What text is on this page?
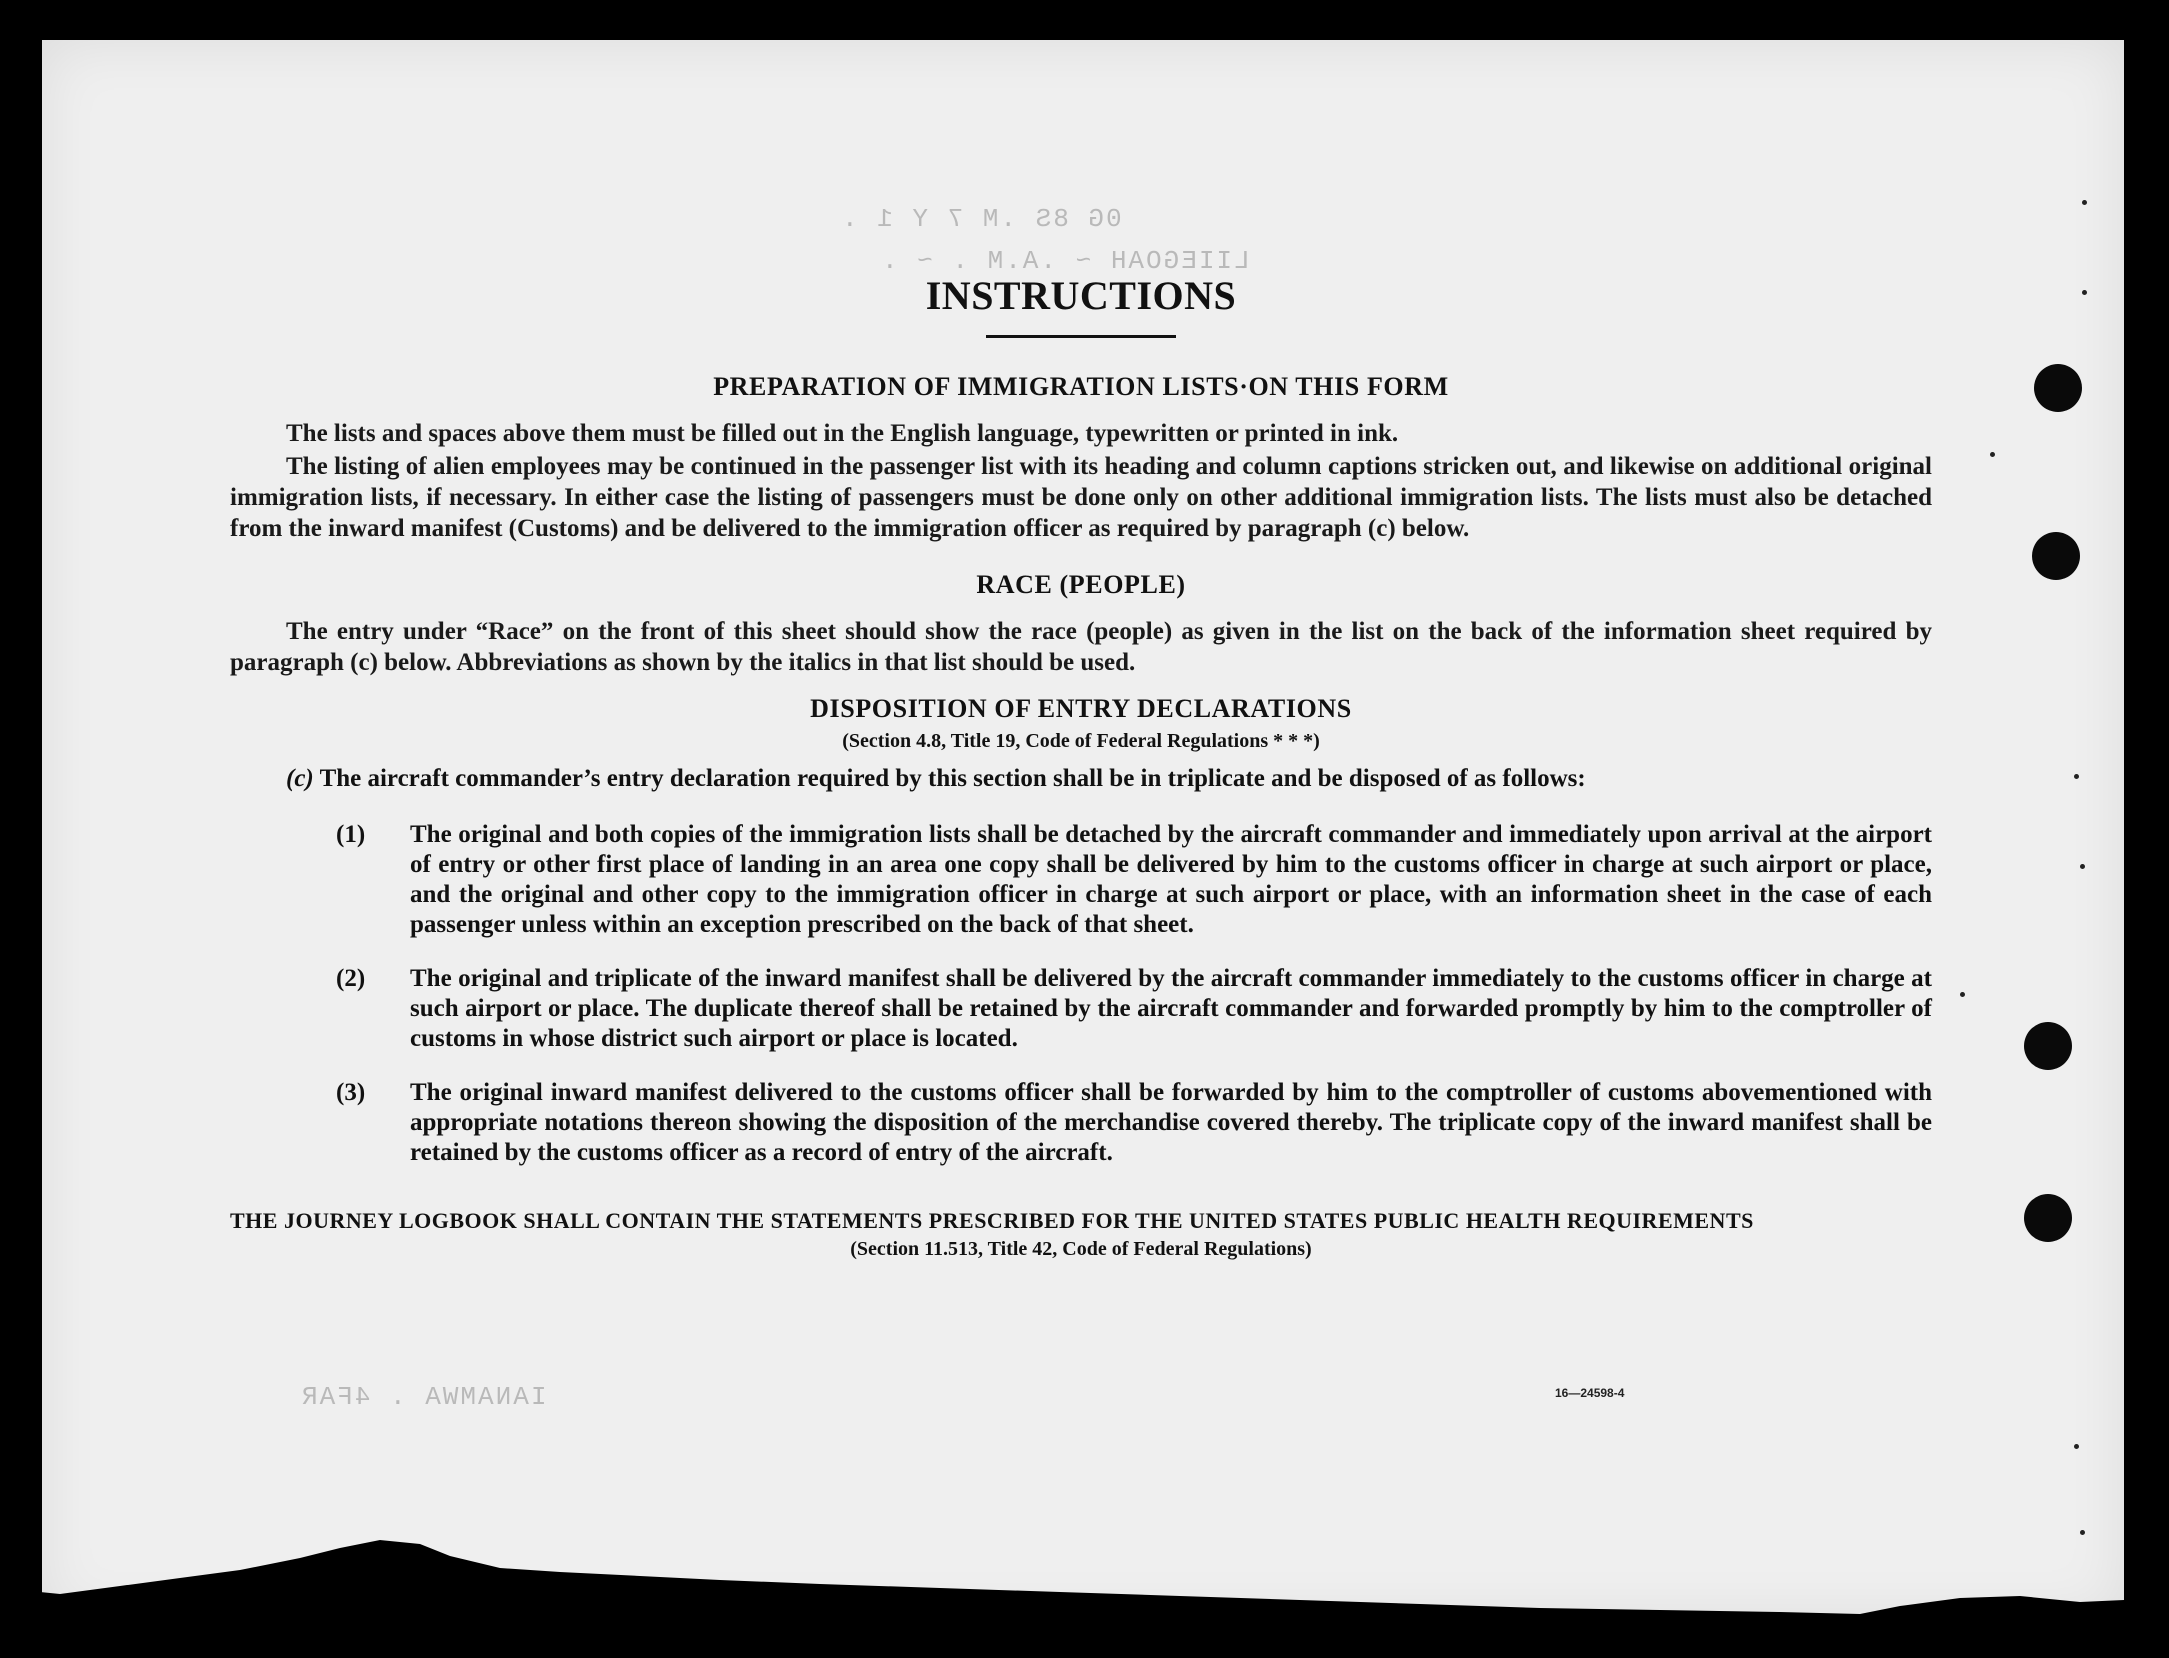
0G 8S .M 7 Y 1 .
LIIEGOAH ~ .A.M . ~ .
IANAMWA . 4FAR
INSTRUCTIONS
PREPARATION OF IMMIGRATION LISTS·ON THIS FORM

The lists and spaces above them must be filled out in the English language, typewritten or printed in ink.

The listing of alien employees may be continued in the passenger list with its heading and column captions stricken out, and likewise on additional original immigration lists, if necessary. In either case the listing of passengers must be done only on other additional immigration lists. The lists must also be detached from the inward manifest (Customs) and be delivered to the immigration officer as required by paragraph (c) below.

RACE (PEOPLE)

The entry under “Race” on the front of this sheet should show the race (people) as given in the list on the back of the information sheet required by paragraph (c) below. Abbreviations as shown by the italics in that list should be used.

DISPOSITION OF ENTRY DECLARATIONS

(Section 4.8, Title 19, Code of Federal Regulations * * *)

(c) The aircraft commander’s entry declaration required by this section shall be in triplicate and be disposed of as follows:

(1) The original and both copies of the immigration lists shall be detached by the aircraft commander and immediately upon arrival at the airport of entry or other first place of landing in an area one copy shall be delivered by him to the customs officer in charge at such airport or place, and the original and other copy to the immigration officer in charge at such airport or place, with an information sheet in the case of each passenger unless within an exception prescribed on the back of that sheet.
(2) The original and triplicate of the inward manifest shall be delivered by the aircraft commander immediately to the customs officer in charge at such airport or place. The duplicate thereof shall be retained by the aircraft commander and forwarded promptly by him to the comptroller of customs in whose district such airport or place is located.
(3) The original inward manifest delivered to the customs officer shall be forwarded by him to the comptroller of customs abovementioned with appropriate notations thereon showing the disposition of the merchandise covered thereby. The triplicate copy of the inward manifest shall be retained by the customs officer as a record of entry of the aircraft.

THE JOURNEY LOGBOOK SHALL CONTAIN THE STATEMENTS PRESCRIBED FOR THE UNITED STATES PUBLIC HEALTH REQUIREMENTS

(Section 11.513, Title 42, Code of Federal Regulations)

16—24598-4
